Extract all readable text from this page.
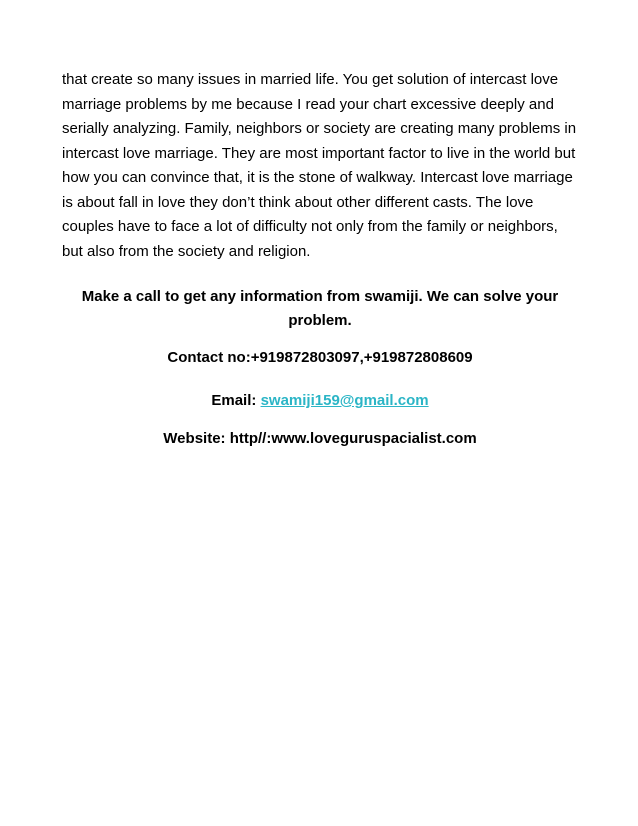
that create so many issues in married life. You get solution of intercast love
marriage problems by me because I read your chart excessive deeply and
serially analyzing. Family, neighbors or society are creating many problems in
intercast love marriage. They are most important factor to live in the world but
how you can convince that, it is the stone of walkway. Intercast love marriage
is about fall in love they don’t think about other different casts. The love
couples have to face a lot of difficulty not only from the family or neighbors,
but also from the society and religion.

Make a call to get any information from swamiji. We can solve your
problem.

Contact no:+919872803097,+919872808609

Email: swamiji159@gmail.com

Website: http//:www.loveguruspacialist.com
